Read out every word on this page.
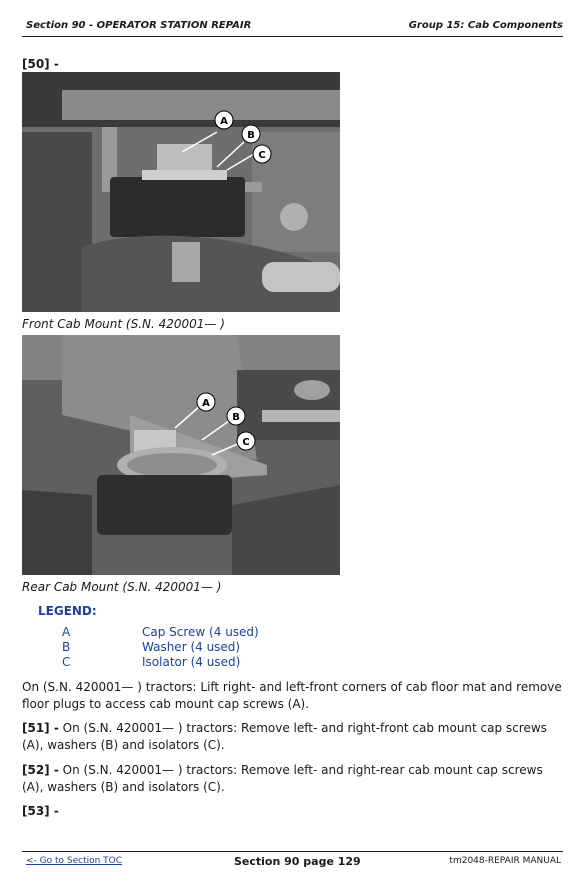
Section 90 - OPERATOR STATION REPAIR	Group 15: Cab Components
[50] -
A
B
C
Front Cab Mount (S.N. 420001— )
A
B
C
Rear Cab Mount (S.N. 420001— )
LEGEND:
A	Cap Screw (4 used)
B	Washer (4 used)
C	Isolator (4 used)
On (S.N. 420001— ) tractors: Lift right- and left-front corners of cab floor mat and remove floor plugs to access cab mount cap screws (A).
[51] - On (S.N. 420001— ) tractors: Remove left- and right-front cab mount cap screws (A), washers (B) and isolators (C).
[52] - On (S.N. 420001— ) tractors: Remove left- and right-rear cab mount cap screws (A), washers (B) and isolators (C).
[53] -
<- Go to Section TOC	Section 90 page 129	tm2048-REPAIR MANUAL
